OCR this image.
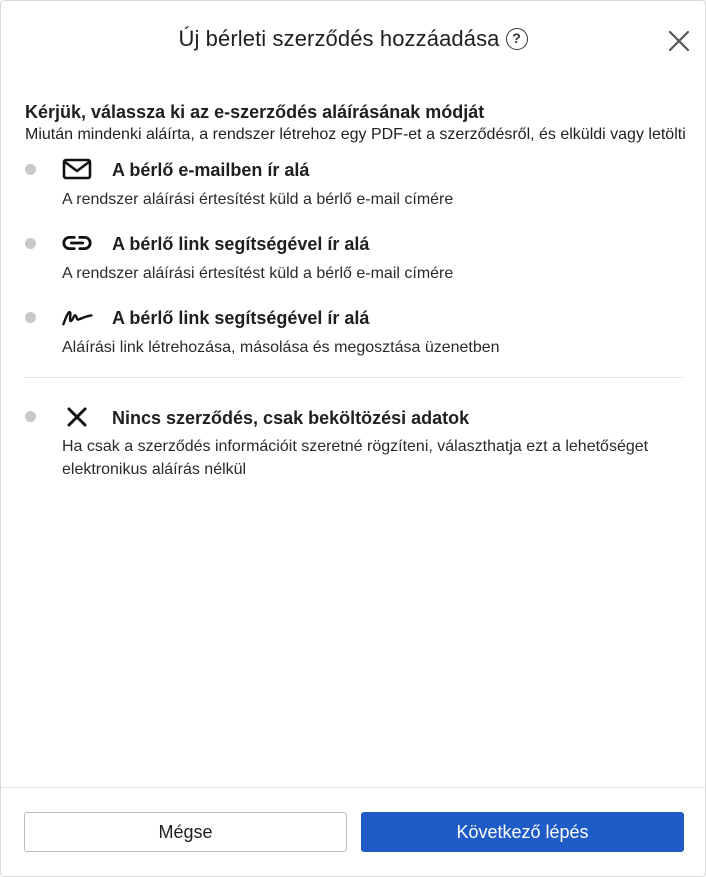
Új bérleti szerződés hozzáadása ?
Kérjük, válassza ki az e-szerződés aláírásának módját
Miután mindenki aláírta, a rendszer létrehoz egy PDF-et a szerződésről, és elküldi vagy letölti
A bérlő e-mailben ír alá
A rendszer aláírási értesítést küld a bérlő e-mail címére
A bérlő link segítségével ír alá
A rendszer aláírási értesítést küld a bérlő e-mail címére
A bérlő link segítségével ír alá
Aláírási link létrehozása, másolása és megosztása üzenetben
Nincs szerződés, csak beköltözési adatok
Ha csak a szerződés információit szeretné rögzíteni, választhatja ezt a lehetőséget elektronikus aláírás nélkül
Mégse	Következő lépés
